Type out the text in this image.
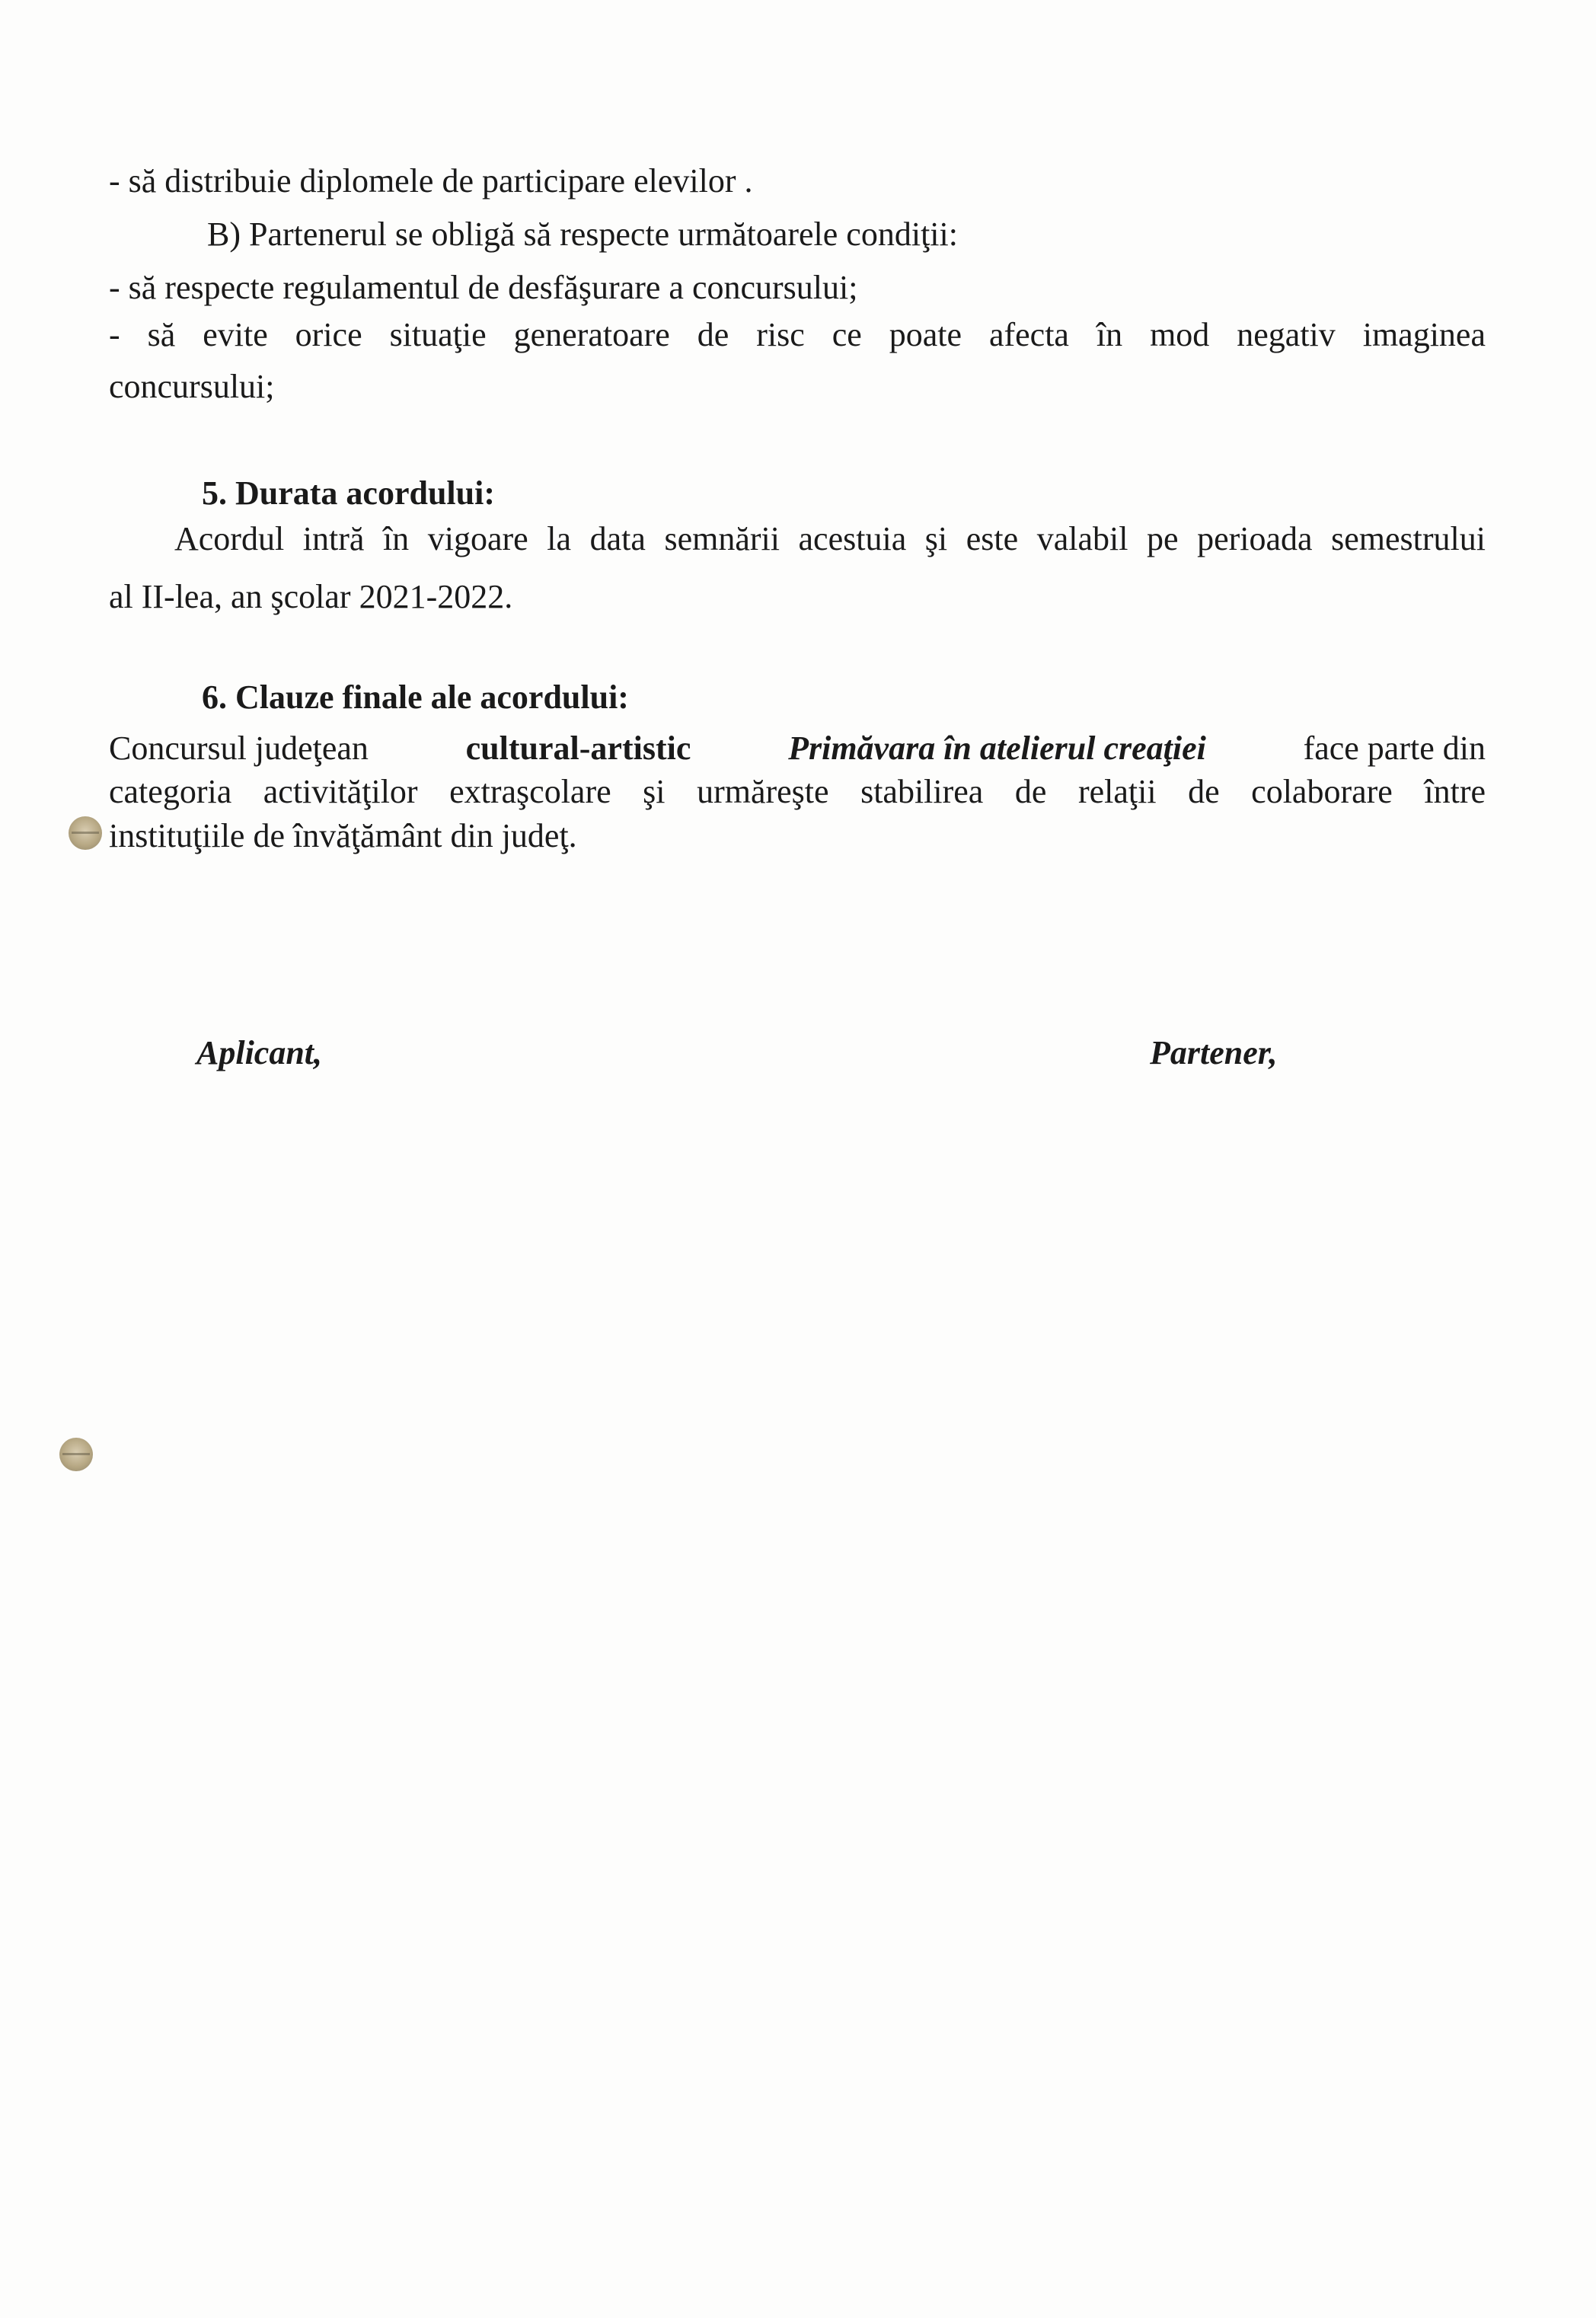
- să distribuie diplomele de participare elevilor .
B) Partenerul se obligă să respecte următoarele condiţii:
- să respecte regulamentul de desfăşurare a concursului;
- să evite orice situaţie generatoare de risc ce poate afecta în mod negativ imaginea
concursului;
5. Durata acordului:
Acordul intră în vigoare la data semnării acestuia şi este valabil pe perioada semestrului
al II-lea, an şcolar 2021-2022.
6. Clauze finale ale acordului:
Concursul judeţean	cultural-artistic	Primăvara în atelierul creaţiei	face parte din
categoria activităţilor extraşcolare şi urmăreşte stabilirea de relaţii de colaborare între
instituţiile de învăţământ din judeţ.
Aplicant,	Partener,
